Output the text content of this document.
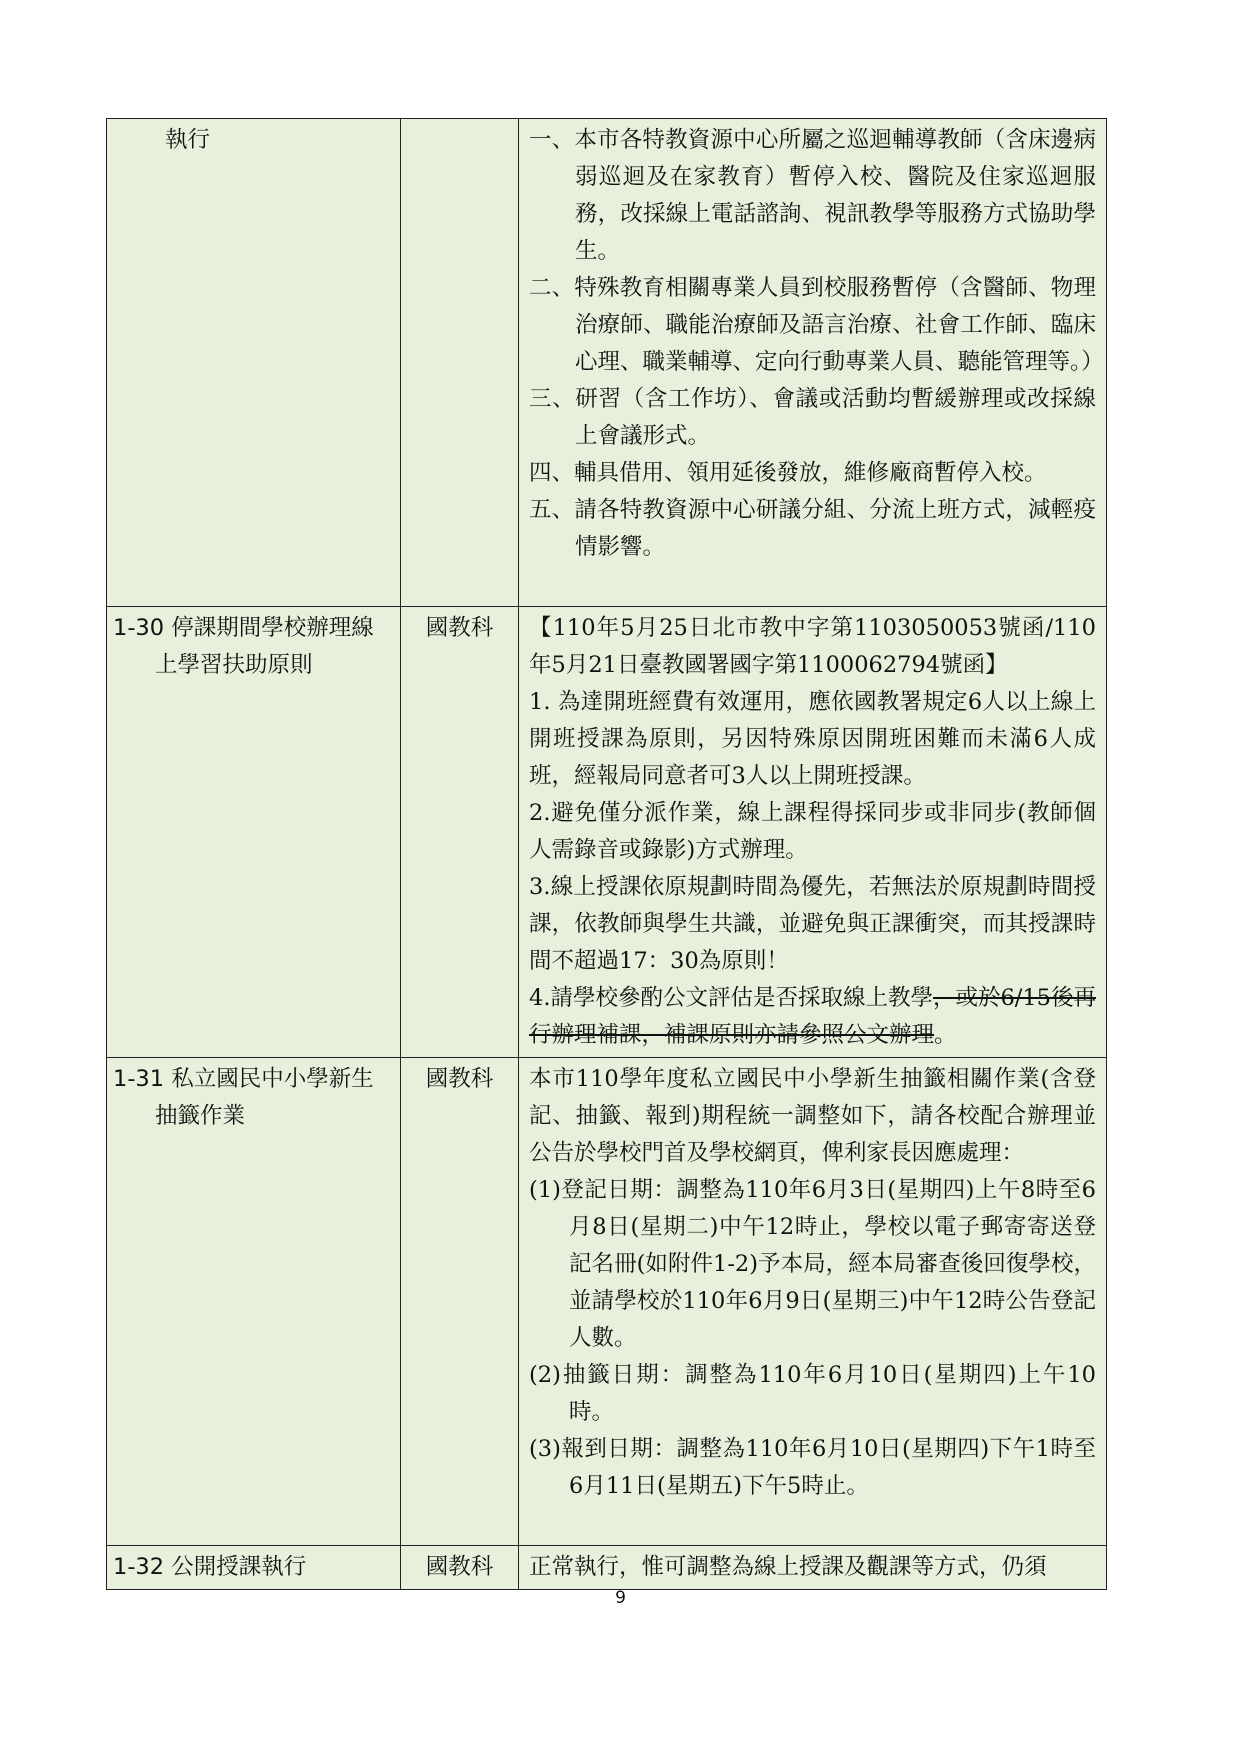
執行		一、本市各特教資源中心所屬之巡迴輔導教師（含床邊病弱巡迴及在家教育）暫停入校、醫院及住家巡迴服務，改採線上電話諮詢、視訊教學等服務方式協助學生。
二、特殊教育相關專業人員到校服務暫停（含醫師、物理治療師、職能治療師及語言治療、社會工作師、臨床心理、職業輔導、定向行動專業人員、聽能管理等。）
三、研習（含工作坊）、會議或活動均暫緩辦理或改採線上會議形式。
四、輔具借用、領用延後發放，維修廠商暫停入校。
五、請各特教資源中心研議分組、分流上班方式，減輕疫情影響。

1-30 停課期間學校辦理線上學習扶助原則	國教科	【110年5月25日北市教中字第1103050053號函/110年5月21日臺教國署國字第1100062794號函】
1. 為達開班經費有效運用，應依國教署規定6人以上線上開班授課為原則，另因特殊原因開班困難而未滿6人成班，經報局同意者可3人以上開班授課。
2.避免僅分派作業，線上課程得採同步或非同步(教師個人需錄音或錄影)方式辦理。
3.線上授課依原規劃時間為優先，若無法於原規劃時間授課，依教師與學生共識，並避免與正課衝突，而其授課時間不超過17：30為原則！
4.請學校參酌公文評估是否採取線上教學，或於6/15後再行辦理補課，補課原則亦請參照公文辦理。

1-31 私立國民中小學新生抽籤作業	國教科	本市110學年度私立國民中小學新生抽籤相關作業(含登記、抽籤、報到)期程統一調整如下，請各校配合辦理並公告於學校門首及學校網頁，俾利家長因應處理：
(1)登記日期：調整為110年6月3日(星期四)上午8時至6月8日(星期二)中午12時止，學校以電子郵寄寄送登記名冊(如附件1-2)予本局，經本局審查後回復學校，並請學校於110年6月9日(星期三)中午12時公告登記人數。
(2)抽籤日期：調整為110年6月10日(星期四)上午10時。
(3)報到日期：調整為110年6月10日(星期四)下午1時至6月11日(星期五)下午5時止。

1-32 公開授課執行	國教科	正常執行，惟可調整為線上授課及觀課等方式，仍須
9
